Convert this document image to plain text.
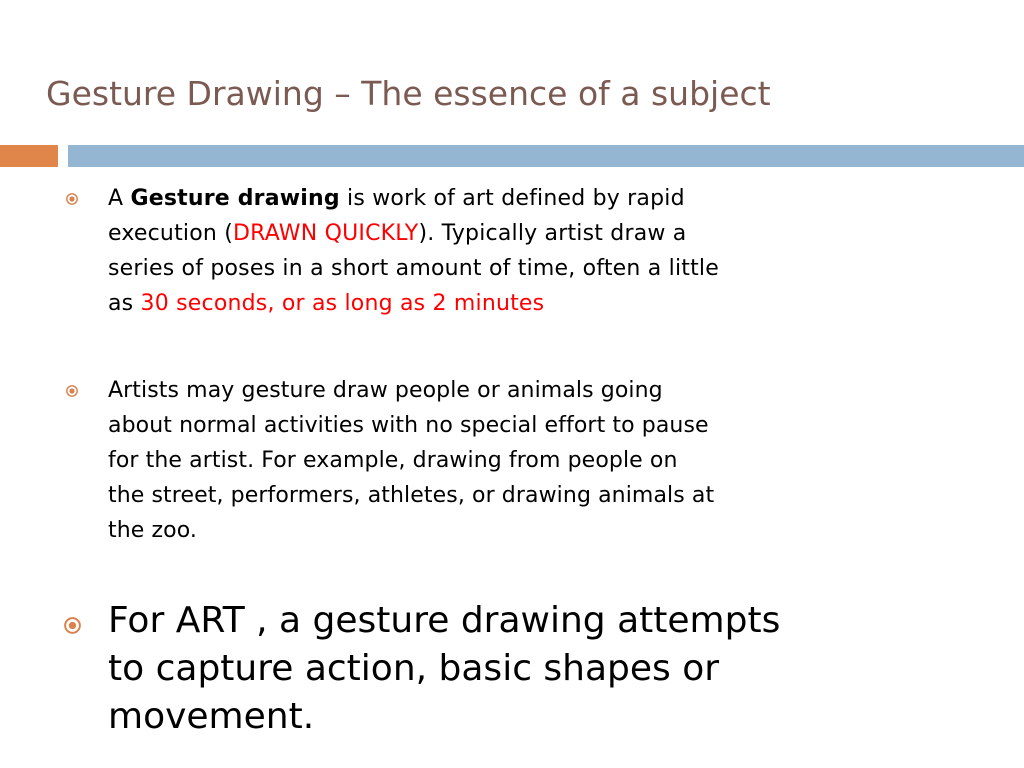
Gesture Drawing – The essence of a subject

A Gesture drawing is work of art defined by rapid
execution (DRAWN QUICKLY). Typically artist draw a
series of poses in a short amount of time, often a little
as 30 seconds, or as long as 2 minutes

Artists may gesture draw people or animals going
about normal activities with no special effort to pause
for the artist. For example, drawing from people on
the street, performers, athletes, or drawing animals at
the zoo.

For ART , a gesture drawing attempts
to capture action, basic shapes or
movement.
